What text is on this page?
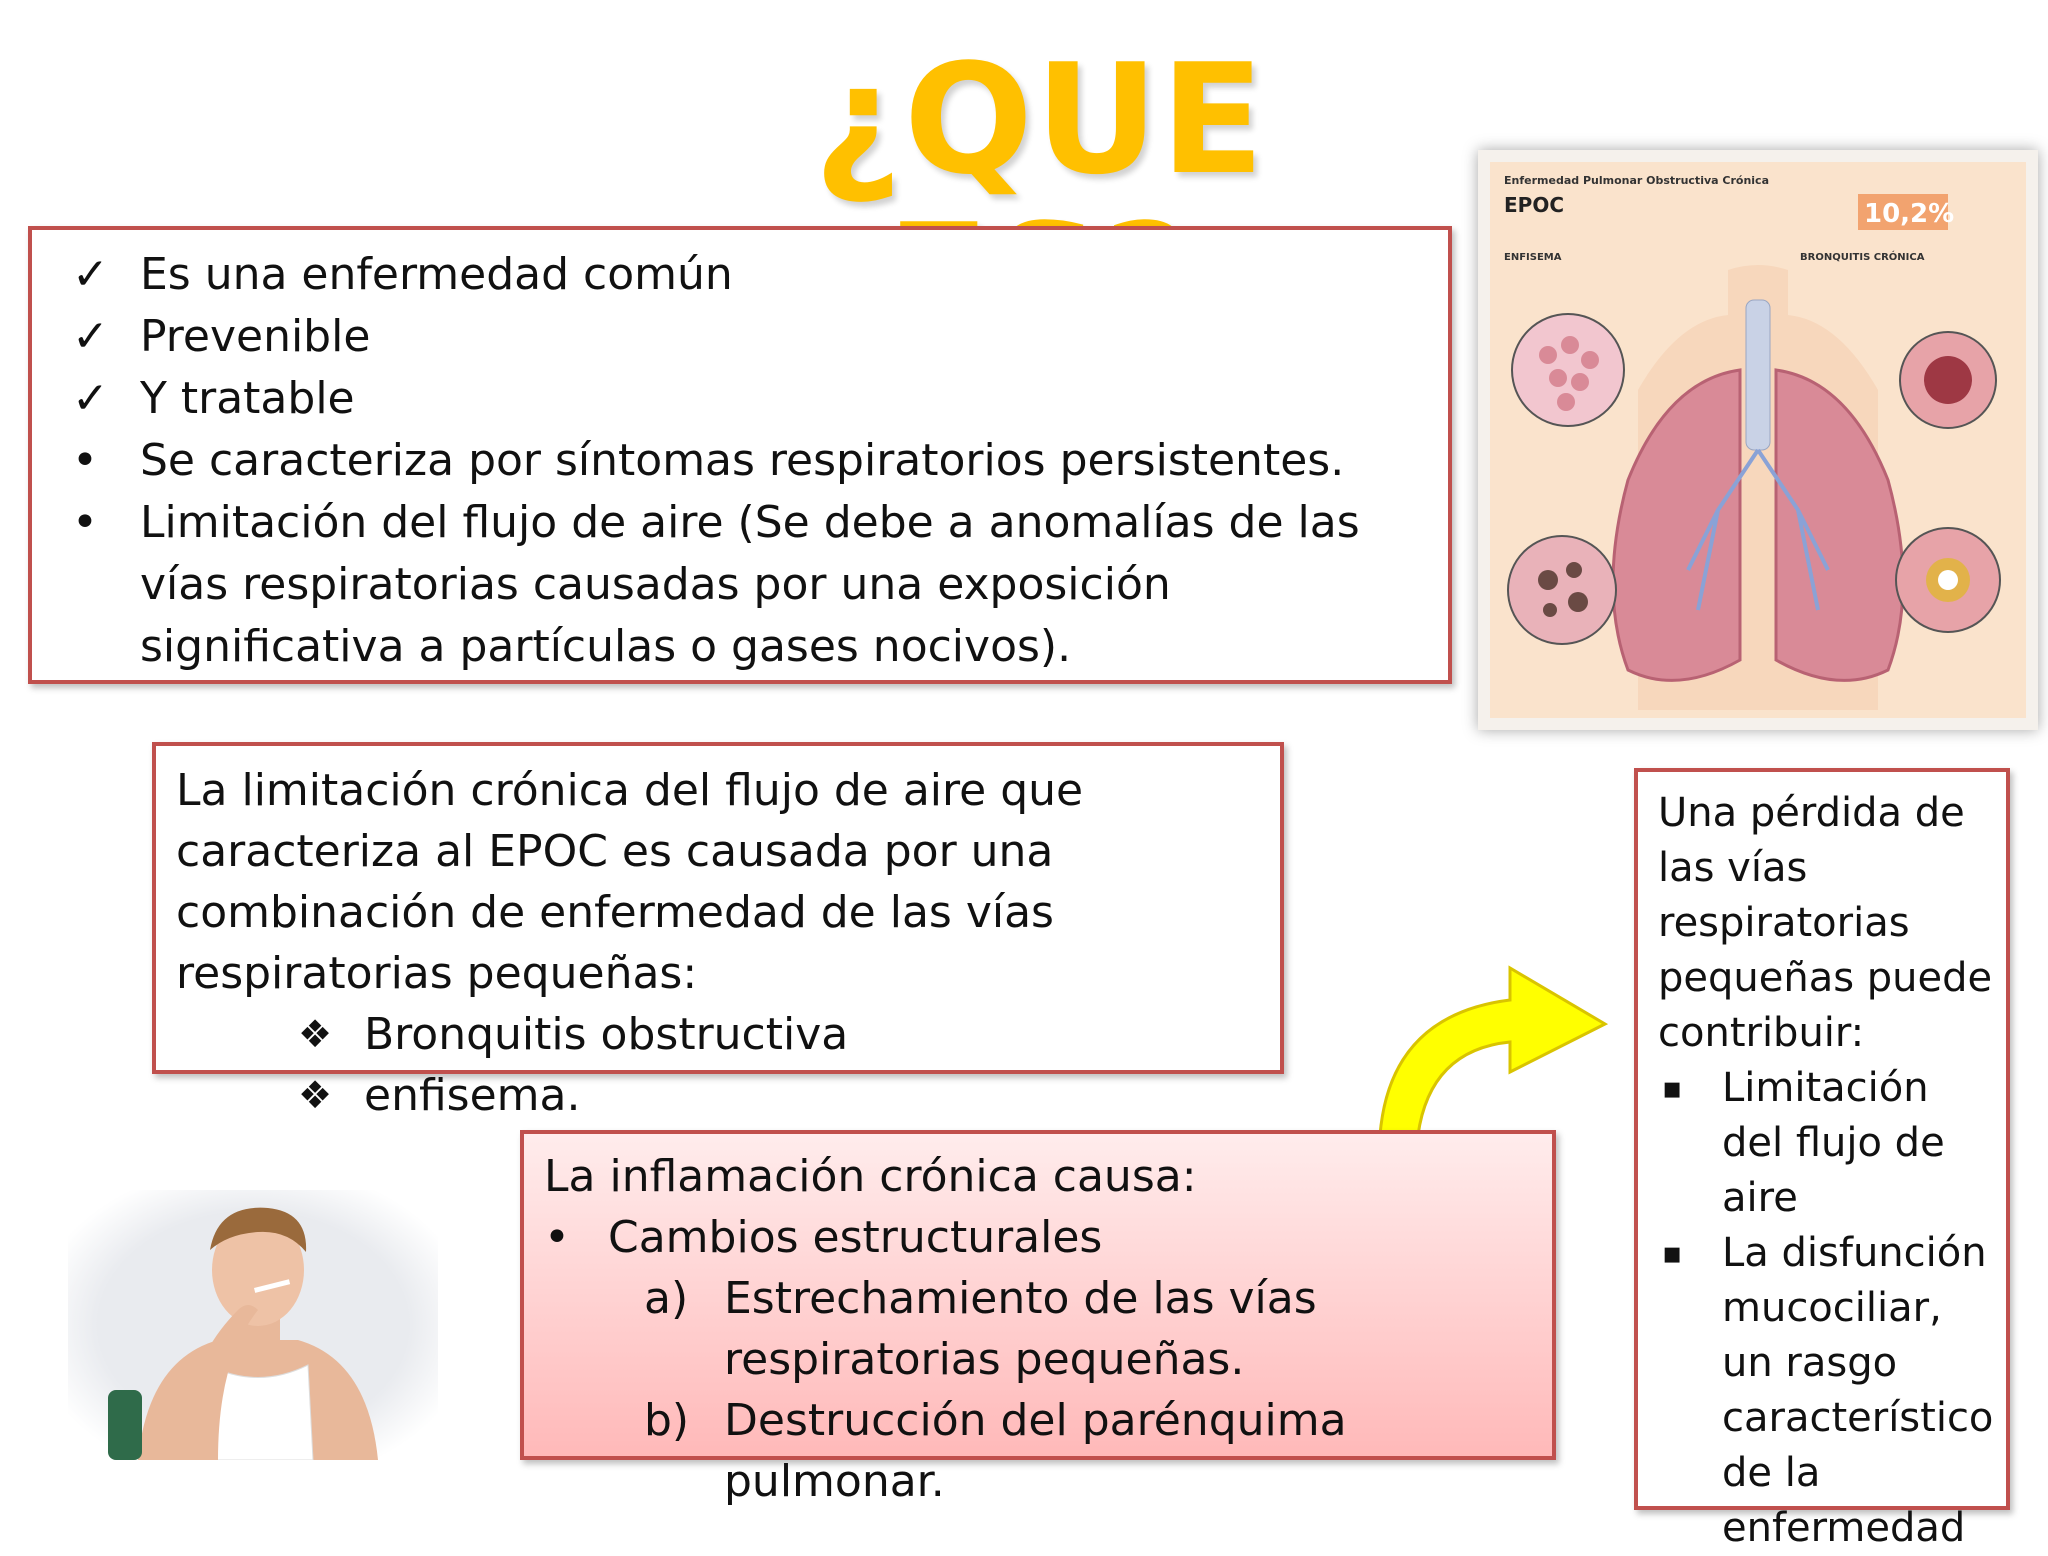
¿QUE
✓ Es una enfermedad común
✓ Prevenible
✓ Y tratable
• Se caracteriza por síntomas respiratorios persistentes.
• Limitación del flujo de aire (Se debe a anomalías de las vías respiratorias causadas por una exposición significativa a partículas o gases nocivos).
Enfermedad Pulmonar Obstructiva Crónica
EPOC	10,2%
ENFISEMA	BRONQUITIS CRÓNICA
La limitación crónica del flujo de aire que caracteriza al EPOC es causada por una combinación de enfermedad de las vías respiratorias pequeñas:
❖ Bronquitis obstructiva
❖ enfisema.
La inflamación crónica causa:
• Cambios estructurales
a) Estrechamiento de las vías respiratorias pequeñas.
b) Destrucción del parénquima pulmonar.
Una pérdida de las vías respiratorias pequeñas puede contribuir:
▪ Limitación del flujo de aire
▪ La disfunción mucociliar, un rasgo característico de la enfermedad
